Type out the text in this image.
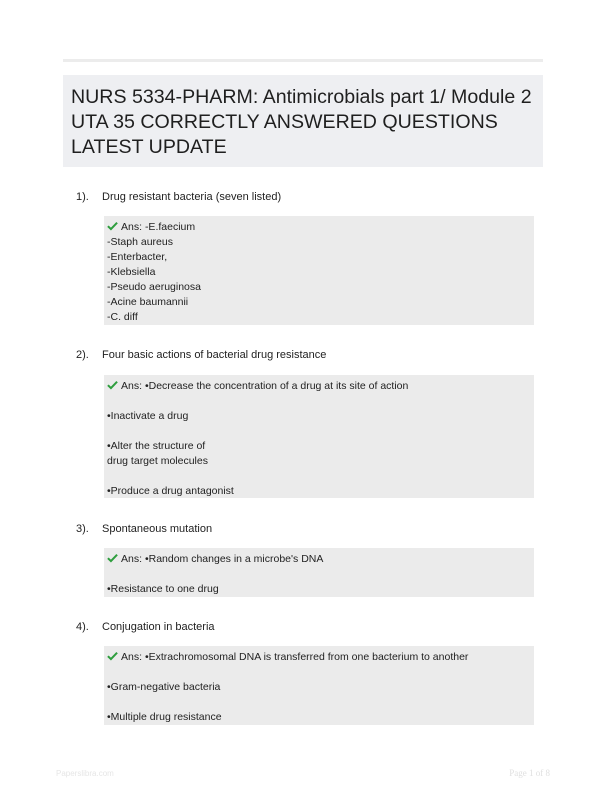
NURS 5334-PHARM: Antimicrobials part 1/ Module 2 UTA 35 CORRECTLY ANSWERED QUESTIONS LATEST UPDATE
1). Drug resistant bacteria (seven listed)
Ans: -E.faecium
-Staph aureus
-Enterbacter,
-Klebsiella
-Pseudo aeruginosa
-Acine baumannii
-C. diff
2). Four basic actions of bacterial drug resistance
Ans: •Decrease the concentration of a drug at its site of action
•Inactivate a drug
•Alter the structure of
drug target molecules
•Produce a drug antagonist
3). Spontaneous mutation
Ans: •Random changes in a microbe's DNA
•Resistance to one drug
4). Conjugation in bacteria
Ans: •Extrachromosomal DNA is transferred from one bacterium to another
•Gram-negative bacteria
•Multiple drug resistance
Paperslibra.com	Page 1 of 8
